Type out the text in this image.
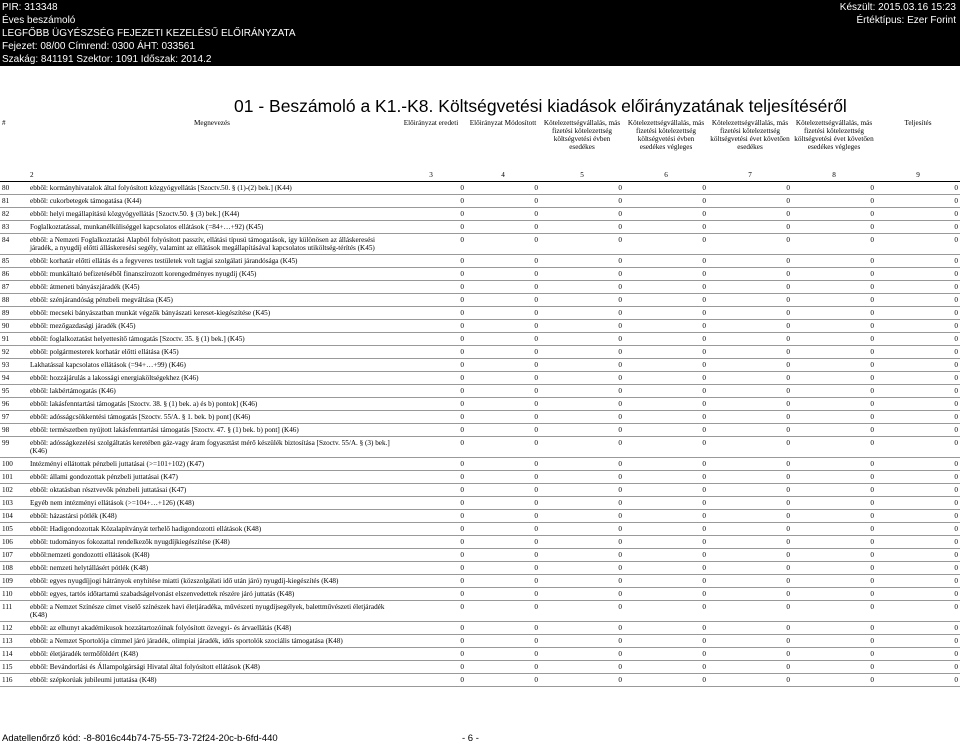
PIR: 313348
Éves beszámoló
LEGFŐBB ÜGYÉSZSÉG FEJEZETI KEZELÉSŰ ELŐIRÁNYZATA
Fejezet: 08/00 Címrend: 0300 ÁHT: 033561
Szakág: 841191 Szektor: 1091 Időszak: 2014.2
Készült: 2015.03.16 15:23
Értéktípus: Ezer Forint
01 - Beszámoló a K1.-K8. Költségvetési kiadások előirányzatának teljesítéséről
#	Megnevezés	Előirányzat eredeti	Előirányzat Módosított	Kötelezettségvállalás, más fizetési kötelezettség költségvetési évben esedékes	Kötelezettségvállalás, más fizetési kötelezettség költségvetési évben esedékes végleges	Kötelezettségvállalás, más fizetési kötelezettség költségvetési évet követően esedékes	Kötelezettségvállalás, más fizetési kötelezettség költségvetési évet követően esedékes végleges	Teljesítés	
	2	3	4	5	6	7	8	9	
80	ebből: kormányhivatalok által folyósított közgyógyellátás [Szoctv.50. § (1)-(2) bek.] (K44)	0	0	0	0	0	0	0	
81	ebből: cukorbetegek támogatása (K44)	0	0	0	0	0	0	0	
82	ebből: helyi megállapítású közgyógyellátás [Szoctv.50. § (3) bek.] (K44)	0	0	0	0	0	0	0	
83	Foglalkoztatással, munkanélküliséggel kapcsolatos ellátások (=84+…+92) (K45)	0	0	0	0	0	0	0	
84	ebből: a Nemzeti Foglalkoztatási Alapból folyósított passzív, ellátási típusú támogatások, így különösen az álláskeresési járadék, a nyugdíj előtti álláskeresési segély, valamint az ellátások megállapításával kapcsolatos utiköltség-térítés (K45)	0	0	0	0	0	0	0	
85	ebből: korhatár előtti ellátás és a fegyveres testületek volt tagjai szolgálati járandósága (K45)	0	0	0	0	0	0	0	
86	ebből: munkáltató befizetéséből finanszírozott korengedményes nyugdíj (K45)	0	0	0	0	0	0	0	
87	ebből: átmeneti bányászjáradék (K45)	0	0	0	0	0	0	0	
88	ebből: szénjárandóság pénzbeli megváltása (K45)	0	0	0	0	0	0	0	
89	ebből: mecseki bányászatban munkát végzők bányászati kereset-kiegészítése (K45)	0	0	0	0	0	0	0	
90	ebből: mezőgazdasági járadék (K45)	0	0	0	0	0	0	0	
91	ebből: foglalkoztatást helyettesítő támogatás [Szoctv. 35. § (1) bek.] (K45)	0	0	0	0	0	0	0	
92	ebből: polgármesterek korhatár előtti ellátása (K45)	0	0	0	0	0	0	0	
93	Lakhatással kapcsolatos ellátások (=94+…+99) (K46)	0	0	0	0	0	0	0	
94	ebből: hozzájárulás a lakossági energiaköltségekhez (K46)	0	0	0	0	0	0	0	
95	ebből: lakbértámogatás (K46)	0	0	0	0	0	0	0	
96	ebből: lakásfenntartási támogatás [Szoctv. 38. § (1) bek. a) és b) pontok] (K46)	0	0	0	0	0	0	0	
97	ebből: adósságcsökkentési támogatás [Szoctv. 55/A. § 1. bek. b) pont] (K46)	0	0	0	0	0	0	0	
98	ebből: természetben nyújtott lakásfenntartási támogatás [Szoctv. 47. § (1) bek. b) pont] (K46)	0	0	0	0	0	0	0	
99	ebből: adósságkezelési szolgáltatás keretében gáz-vagy áram fogyasztást mérő készülék biztosítása [Szoctv. 55/A. § (3) bek.] (K46)	0	0	0	0	0	0	0	
100	Intézményi ellátottak pénzbeli juttatásai (>=101+102) (K47)	0	0	0	0	0	0	0	
101	ebből: állami gondozottak pénzbeli juttatásai (K47)	0	0	0	0	0	0	0	
102	ebből: oktatásban résztvevők pénzbeli juttatásai (K47)	0	0	0	0	0	0	0	
103	Egyéb nem intézményi ellátások (>=104+…+126) (K48)	0	0	0	0	0	0	0	
104	ebből: házastársi pótlék (K48)	0	0	0	0	0	0	0	
105	ebből: Hadigondozottak Közalapítványát terhelő hadigondozotti ellátások (K48)	0	0	0	0	0	0	0	
106	ebből: tudományos fokozattal rendelkezők nyugdíjkiegészítése (K48)	0	0	0	0	0	0	0	
107	ebből:nemzeti gondozotti ellátások (K48)	0	0	0	0	0	0	0	
108	ebből: nemzeti helytállásért pótlék (K48)	0	0	0	0	0	0	0	
109	ebből: egyes nyugdíjjogi hátrányok enyhítése miatti (közszolgálati idő után járó) nyugdíj-kiegészítés (K48)	0	0	0	0	0	0	0	
110	ebből: egyes, tartós időtartamú szabadságelvonást elszenvedettek részére járó juttatás (K48)	0	0	0	0	0	0	0	
111	ebből: a Nemzet Színésze címet viselő színészek havi életjáradéka, művészeti nyugdíjsegélyek, balettművészeti életjáradék (K48)	0	0	0	0	0	0	0	
112	ebből: az elhunyt akadémikusok hozzátartozóinak folyósított özvegyi- és árvaellátás (K48)	0	0	0	0	0	0	0	
113	ebből: a Nemzet Sportolója címmel járó járadék, olimpiai járadék, idős sportolók szociális támogatása (K48)	0	0	0	0	0	0	0	
114	ebből: életjáradék termőföldért (K48)	0	0	0	0	0	0	0	
115	ebből: Bevándorlási és Állampolgársági Hivatal által folyósított ellátások (K48)	0	0	0	0	0	0	0	
116	ebből: szépkorúak jubileumi juttatása (K48)	0	0	0	0	0	0	0	
Adatellenőrző kód: -8-8016c44b74-75-55-73-72f24-20c-b-6fd-440	- 6 -
